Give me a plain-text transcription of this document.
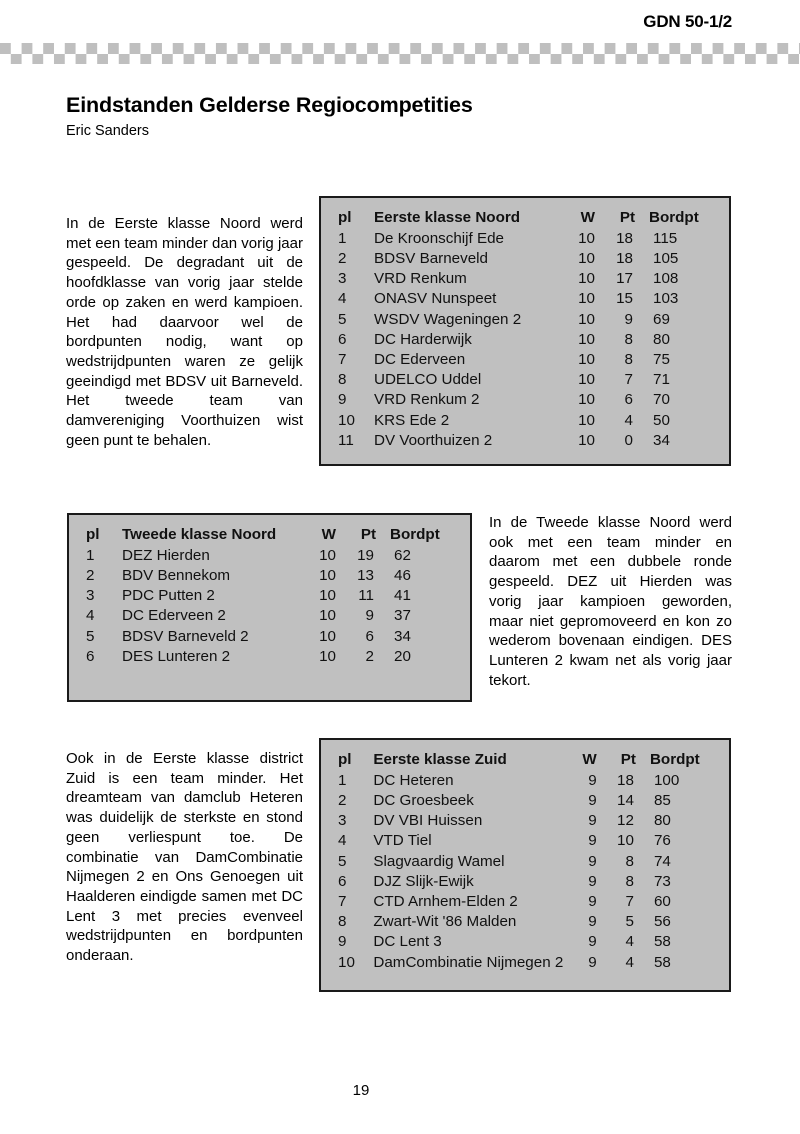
GDN 50-1/2
Eindstanden Gelderse Regiocompetities
Eric Sanders

In de Eerste klasse Noord werd met een team minder dan vorig jaar gespeeld. De degradant uit de hoofdklasse van vorig jaar stelde orde op zaken en werd kampioen. Het had daarvoor wel de bordpunten nodig, want op wedstrijdpunten waren ze gelijk geeindigd met BDSV uit Barneveld. Het tweede team van damvereniging Voorthuizen wist geen punt te behalen.

pl	Eerste klasse Noord	W	Pt	Bordpt
1	De Kroonschijf Ede	10	18	115
2	BDSV Barneveld	10	18	105
3	VRD Renkum	10	17	108
4	ONASV Nunspeet	10	15	103
5	WSDV Wageningen 2	10	9	69
6	DC Harderwijk	10	8	80
7	DC Ederveen	10	8	75
8	UDELCO Uddel	10	7	71
9	VRD Renkum 2	10	6	70
10	KRS Ede 2	10	4	50
11	DV Voorthuizen 2	10	0	34
pl	Tweede klasse Noord	W	Pt	Bordpt
1	DEZ Hierden	10	19	62
2	BDV Bennekom	10	13	46
3	PDC Putten 2	10	11	41
4	DC Ederveen 2	10	9	37
5	BDSV Barneveld 2	10	6	34
6	DES Lunteren 2	10	2	20

In de Tweede klasse Noord werd ook met een team minder en daarom met een dubbele ronde gespeeld. DEZ uit Hierden was vorig jaar kampioen geworden, maar niet gepromoveerd en kon zo wederom bovenaan eindigen. DES Lunteren 2 kwam net als vorig jaar tekort.

Ook in de Eerste klasse district Zuid is een team minder. Het dreamteam van damclub Heteren was duidelijk de sterkste en stond geen verliespunt toe. De combinatie van DamCombinatie Nijmegen 2 en Ons Genoegen uit Haalderen eindigde samen met DC Lent 3 met precies evenveel wedstrijdpunten en bordpunten onderaan.

pl	Eerste klasse Zuid	W	Pt	Bordpt
1	DC Heteren	9	18	100
2	DC Groesbeek	9	14	85
3	DV VBI Huissen	9	12	80
4	VTD Tiel	9	10	76
5	Slagvaardig Wamel	9	8	74
6	DJZ Slijk-Ewijk	9	8	73
7	CTD Arnhem-Elden 2	9	7	60
8	Zwart-Wit '86 Malden	9	5	56
9	DC Lent 3	9	4	58
10	DamCombinatie Nijmegen 2	9	4	58
19
